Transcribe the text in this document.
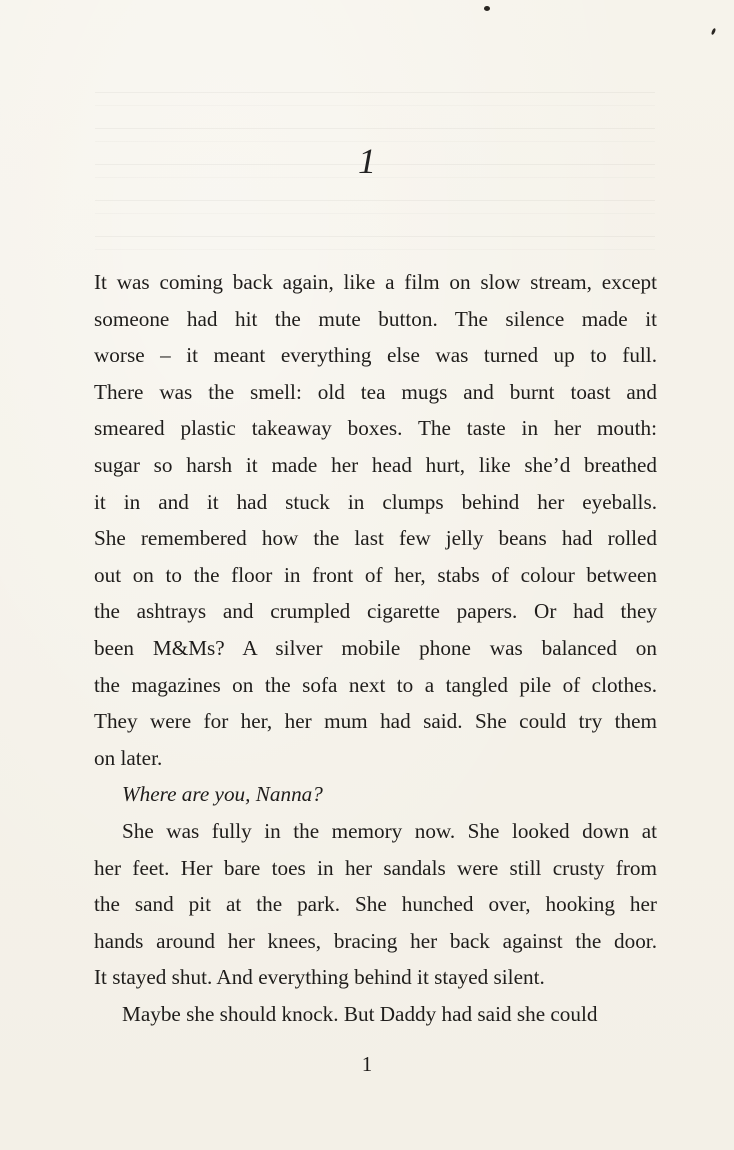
1
It was coming back again, like a film on slow stream, except
someone had hit the mute button. The silence made it
worse – it meant everything else was turned up to full.
There was the smell: old tea mugs and burnt toast and
smeared plastic takeaway boxes. The taste in her mouth:
sugar so harsh it made her head hurt, like she’d breathed
it in and it had stuck in clumps behind her eyeballs.
She remembered how the last few jelly beans had rolled
out on to the floor in front of her, stabs of colour between
the ashtrays and crumpled cigarette papers. Or had they
been M&Ms? A silver mobile phone was balanced on
the magazines on the sofa next to a tangled pile of clothes.
They were for her, her mum had said. She could try them
on later.
Where are you, Nanna?
She was fully in the memory now. She looked down at
her feet. Her bare toes in her sandals were still crusty from
the sand pit at the park. She hunched over, hooking her
hands around her knees, bracing her back against the door.
It stayed shut. And everything behind it stayed silent.
Maybe she should knock. But Daddy had said she could
1
